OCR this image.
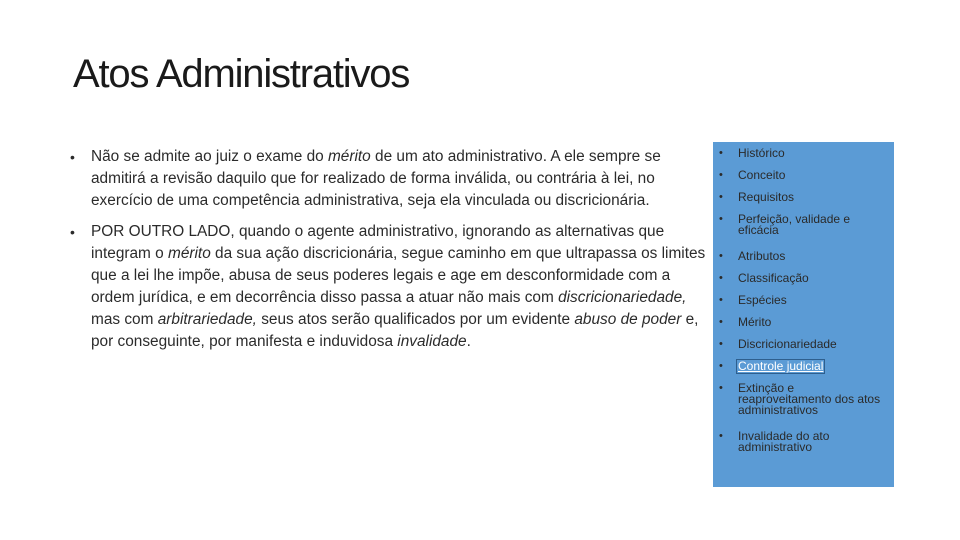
Atos Administrativos

• Não se admite ao juiz o exame do mérito de um ato administrativo. A ele sempre se admitirá a revisão daquilo que for realizado de forma inválida, ou contrária à lei, no exercício de uma competência administrativa, seja ela vinculada ou discricionária.

• POR OUTRO LADO, quando o agente administrativo, ignorando as alternativas que integram o mérito da sua ação discricionária, segue caminho em que ultrapassa os limites que a lei lhe impõe, abusa de seus poderes legais e age em desconformidade com a ordem jurídica, e em decorrência disso passa a atuar não mais com discricionariedade, mas com arbitrariedade, seus atos serão qualificados por um evidente abuso de poder e, por conseguinte, por manifesta e induvidosa invalidade.

• Histórico
• Conceito
• Requisitos
• Perfeição, validade e eficácia
• Atributos
• Classificação
• Espécies
• Mérito
• Discricionariedade
• Controle judicial
• Extinção e reaproveitamento dos atos administrativos
• Invalidade do ato administrativo
